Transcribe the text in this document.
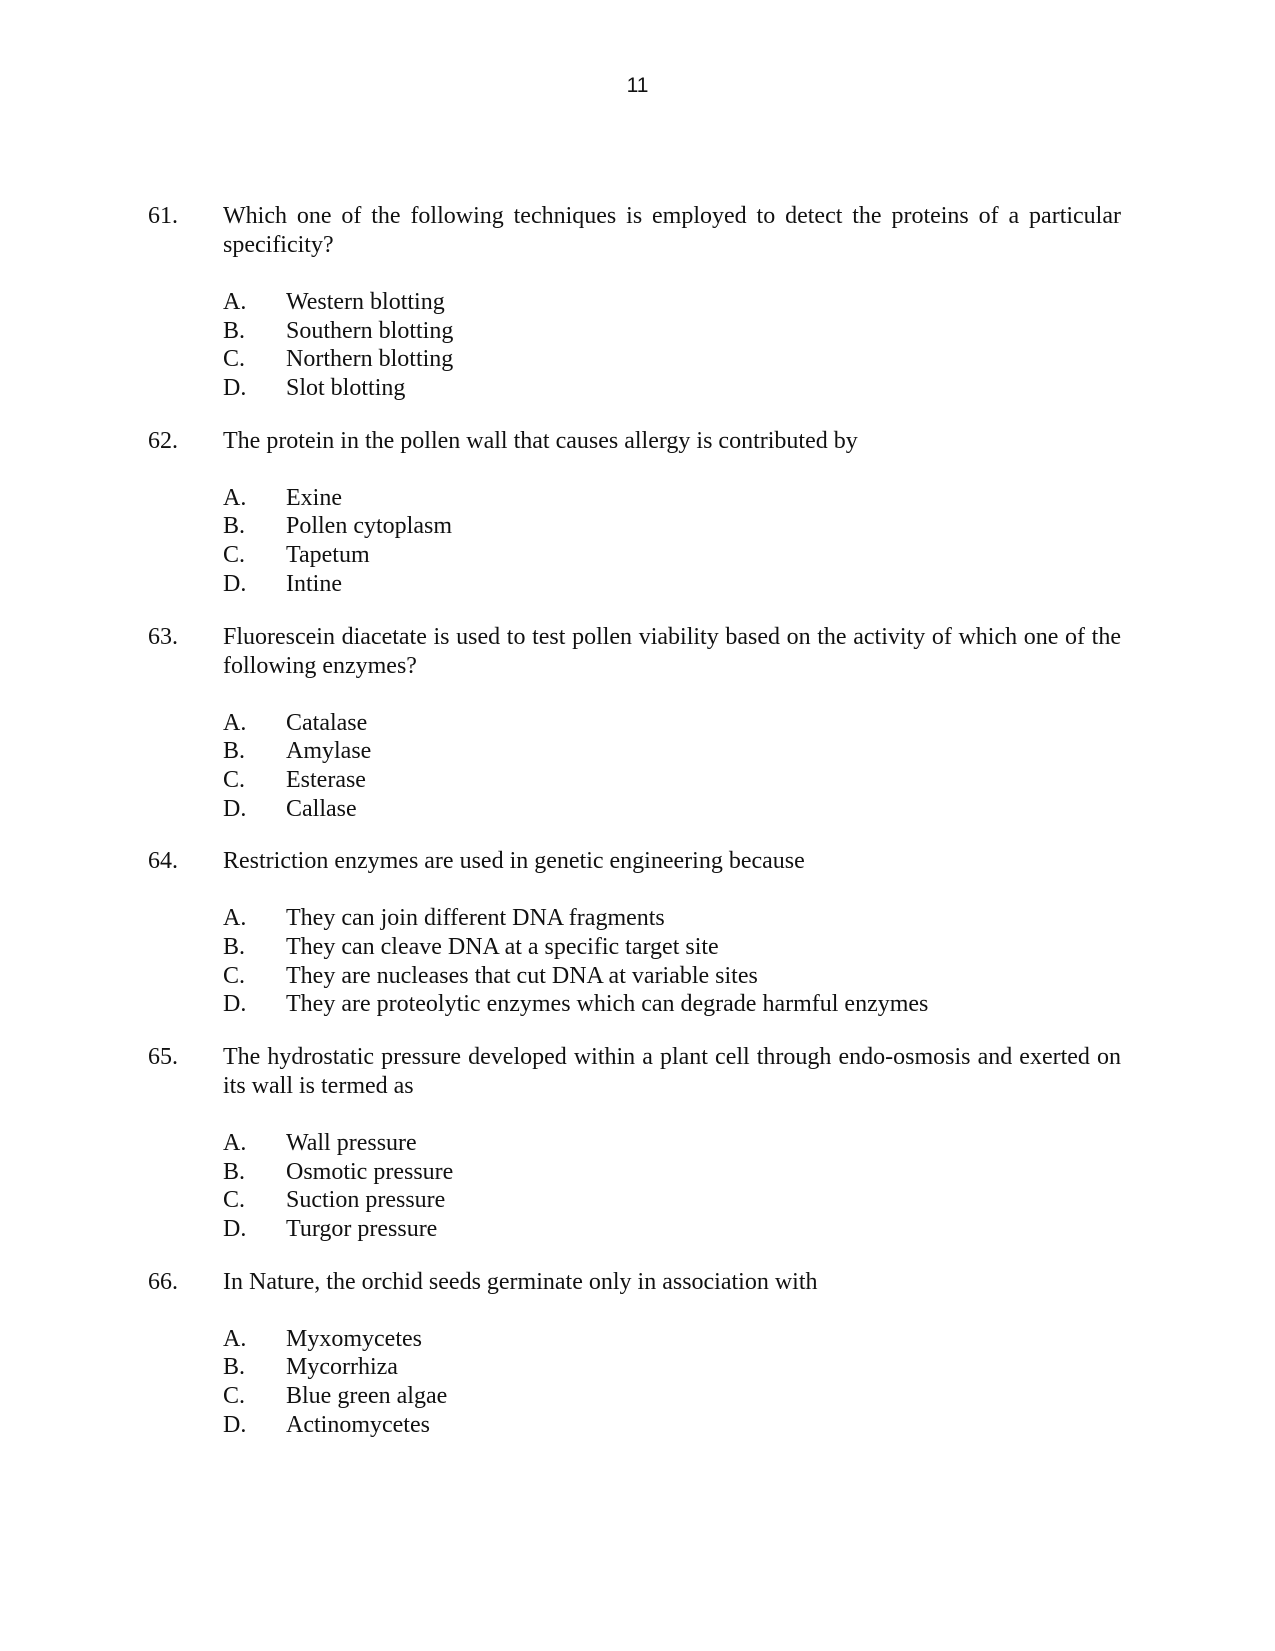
11
61. Which one of the following techniques is employed to detect the proteins of a particular specificity?
A. Western blotting
B. Southern blotting
C. Northern blotting
D. Slot blotting
62. The protein in the pollen wall that causes allergy is contributed by
A. Exine
B. Pollen cytoplasm
C. Tapetum
D. Intine
63. Fluorescein diacetate is used to test pollen viability based on the activity of which one of the following enzymes?
A. Catalase
B. Amylase
C. Esterase
D. Callase
64. Restriction enzymes are used in genetic engineering because
A. They can join different DNA fragments
B. They can cleave DNA at a specific target site
C. They are nucleases that cut DNA at variable sites
D. They are proteolytic enzymes which can degrade harmful enzymes
65. The hydrostatic pressure developed within a plant cell through endo-osmosis and exerted on its wall is termed as
A. Wall pressure
B. Osmotic pressure
C. Suction pressure
D. Turgor pressure
66. In Nature, the orchid seeds germinate only in association with
A. Myxomycetes
B. Mycorrhiza
C. Blue green algae
D. Actinomycetes
